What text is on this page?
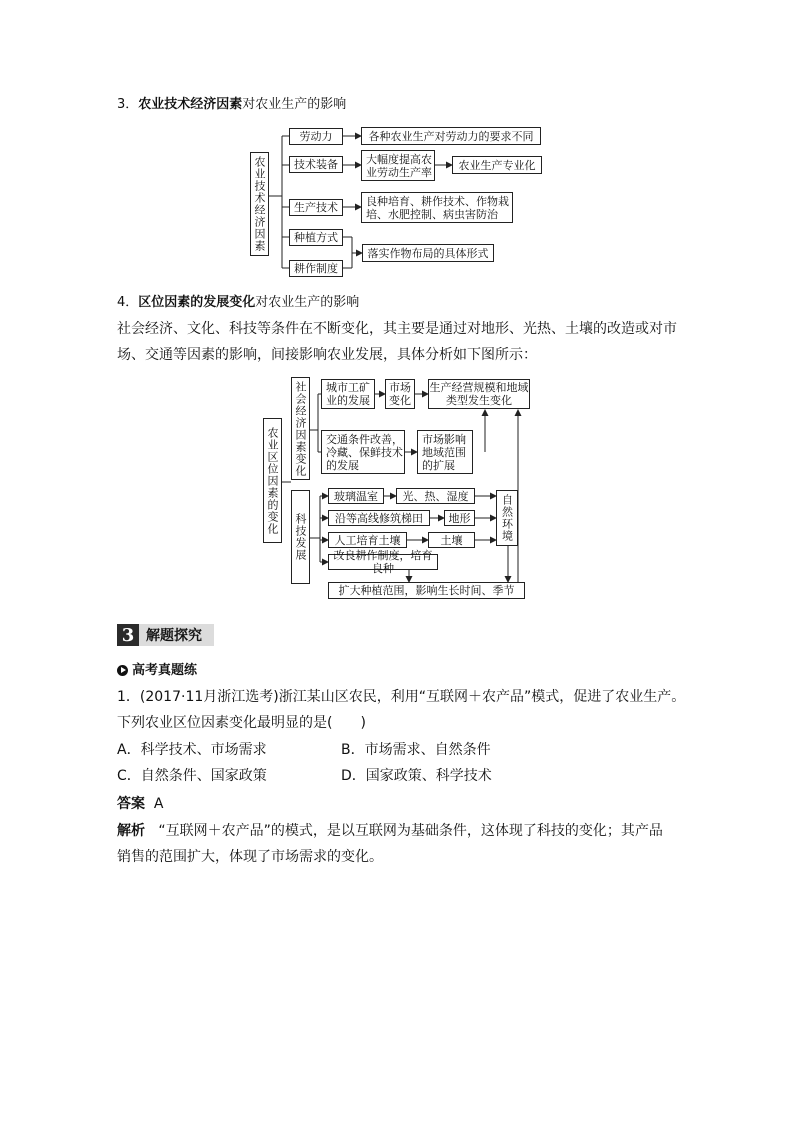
3．农业技术经济因素对农业生产的影响
农业技术经济因素
劳动力
技术装备
生产技术
种植方式
耕作制度
各种农业生产对劳动力的要求不同
大幅度提高农业劳动生产率
农业生产专业化
良种培育、耕作技术、作物栽培、水肥控制、病虫害防治
落实作物布局的具体形式
4．区位因素的发展变化对农业生产的影响
社会经济、文化、科技等条件在不断变化，其主要是通过对地形、光热、土壤的改造或对市
场、交通等因素的影响，间接影响农业发展，具体分析如下图所示：
农业区位因素的变化 社会经济因素变化	城市工矿业的发展
市场变化
生产经营规模和地域类型发生变化
交通条件改善，冷藏、保鲜技术的发展
市场影响地域范围的扩展
科技发展
玻璃温室	光、热、湿度
沿等高线修筑梯田	地形
人工培育土壤	土壤	自然环境
改良耕作制度，培育良种
扩大种植范围，影响生长时间、季节
3 解题探究
高考真题练
1．(2017·11月浙江选考)浙江某山区农民，利用“互联网＋农产品”模式，促进了农业生产。
下列农业区位因素变化最明显的是(　　)
A．科学技术、市场需求	B．市场需求、自然条件
C．自然条件、国家政策	D．国家政策、科学技术
答案 A
解析 “互联网＋农产品”的模式，是以互联网为基础条件，这体现了科技的变化；其产品
销售的范围扩大，体现了市场需求的变化。
